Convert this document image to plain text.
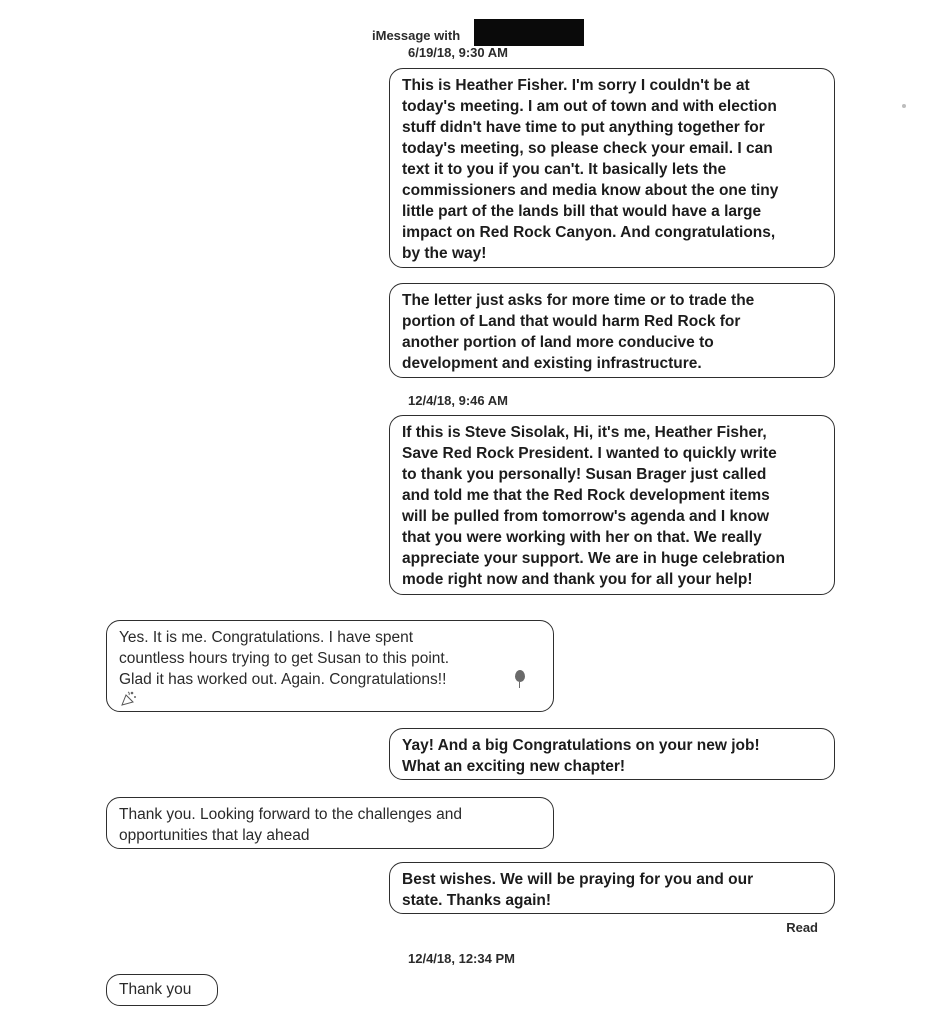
iMessage with
6/19/18, 9:30 AM
This is Heather Fisher. I'm sorry I couldn't be at
today's meeting. I am out of town and with election
stuff didn't have time to put anything together for
today's meeting, so please check your email. I can
text it to you if you can't. It basically lets the
commissioners and media know about the one tiny
little part of the lands bill that would have a large
impact on Red Rock Canyon. And congratulations,
by the way!
The letter just asks for more time or to trade the
portion of Land that would harm Red Rock for
another portion of land more conducive to
development and existing infrastructure.
12/4/18, 9:46 AM
If this is Steve Sisolak, Hi, it's me, Heather Fisher,
Save Red Rock President. I wanted to quickly write
to thank you personally! Susan Brager just called
and told me that the Red Rock development items
will be pulled from tomorrow's agenda and I know
that you were working with her on that. We really
appreciate your support. We are in huge celebration
mode right now and thank you for all your help!
Yes. It is me. Congratulations. I have spent
countless hours trying to get Susan to this point.
Glad it has worked out. Again. Congratulations!!
Yay! And a big Congratulations on your new job!
What an exciting new chapter!
Thank you. Looking forward to the challenges and
opportunities that lay ahead
Best wishes. We will be praying for you and our
state. Thanks again!
Read
12/4/18, 12:34 PM
Thank you
